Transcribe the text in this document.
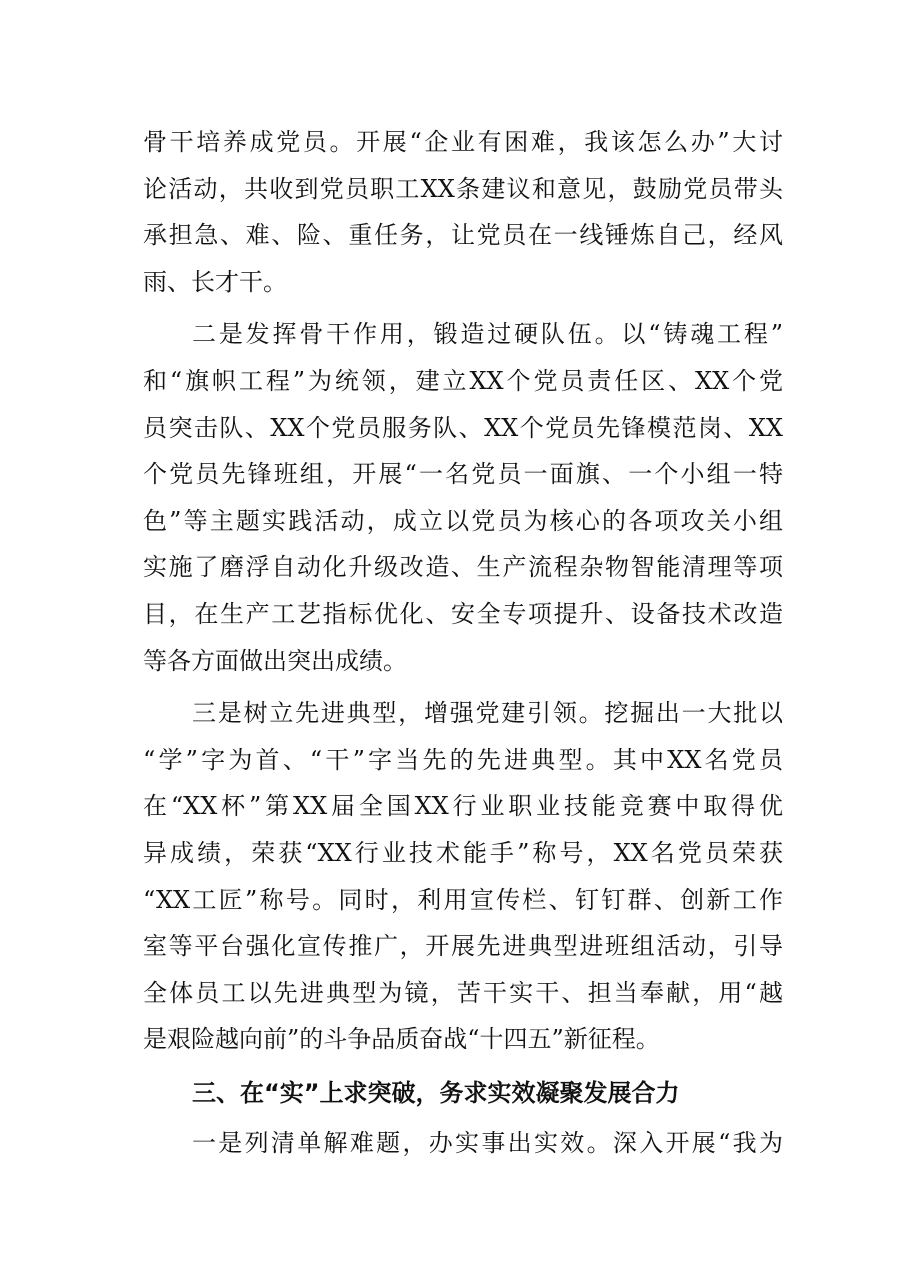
骨干培养成党员。开展“企业有困难，我该怎么办”大讨
论活动，共收到党员职工XX条建议和意见，鼓励党员带头
承担急、难、险、重任务，让党员在一线锤炼自己，经风
雨、长才干。
二是发挥骨干作用，锻造过硬队伍。以“铸魂工程”
和“旗帜工程”为统领，建立XX个党员责任区、XX个党
员突击队、XX个党员服务队、XX个党员先锋模范岗、XX
个党员先锋班组，开展“一名党员一面旗、一个小组一特
色”等主题实践活动，成立以党员为核心的各项攻关小组
实施了磨浮自动化升级改造、生产流程杂物智能清理等项
目，在生产工艺指标优化、安全专项提升、设备技术改造
等各方面做出突出成绩。
三是树立先进典型，增强党建引领。挖掘出一大批以
“学”字为首、“干”字当先的先进典型。其中XX名党员
在“XX杯”第XX届全国XX行业职业技能竞赛中取得优
异成绩，荣获“XX行业技术能手”称号，XX名党员荣获
“XX工匠”称号。同时，利用宣传栏、钉钉群、创新工作
室等平台强化宣传推广，开展先进典型进班组活动，引导
全体员工以先进典型为镜，苦干实干、担当奉献，用“越
是艰险越向前”的斗争品质奋战“十四五”新征程。
三、在“实”上求突破，务求实效凝聚发展合力
一是列清单解难题，办实事出实效。深入开展“我为
